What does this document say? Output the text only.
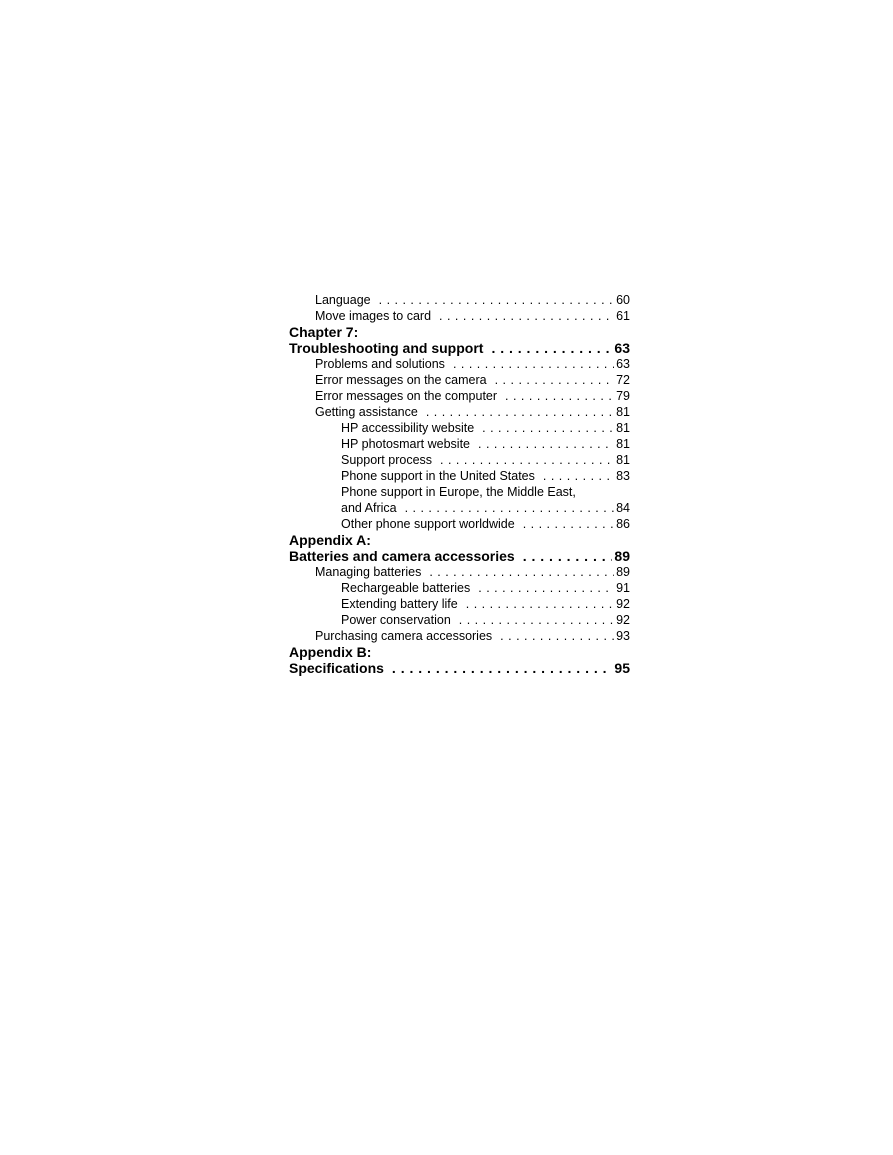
Language . . .	60
Move images to card . . .	61
Chapter 7:
Troubleshooting and support . . .	63
Problems and solutions . . .	63
Error messages on the camera . . .	72
Error messages on the computer . . .	79
Getting assistance . . .	81
HP accessibility website . . .	81
HP photosmart website . . .	81
Support process . . .	81
Phone support in the United States . . .	83
Phone support in Europe, the Middle East,
and Africa . . .	84
Other phone support worldwide . . .	86
Appendix A:
Batteries and camera accessories . . .	89
Managing batteries . . .	89
Rechargeable batteries . . .	91
Extending battery life . . .	92
Power conservation . . .	92
Purchasing camera accessories . . .	93
Appendix B:
Specifications . . .	95
